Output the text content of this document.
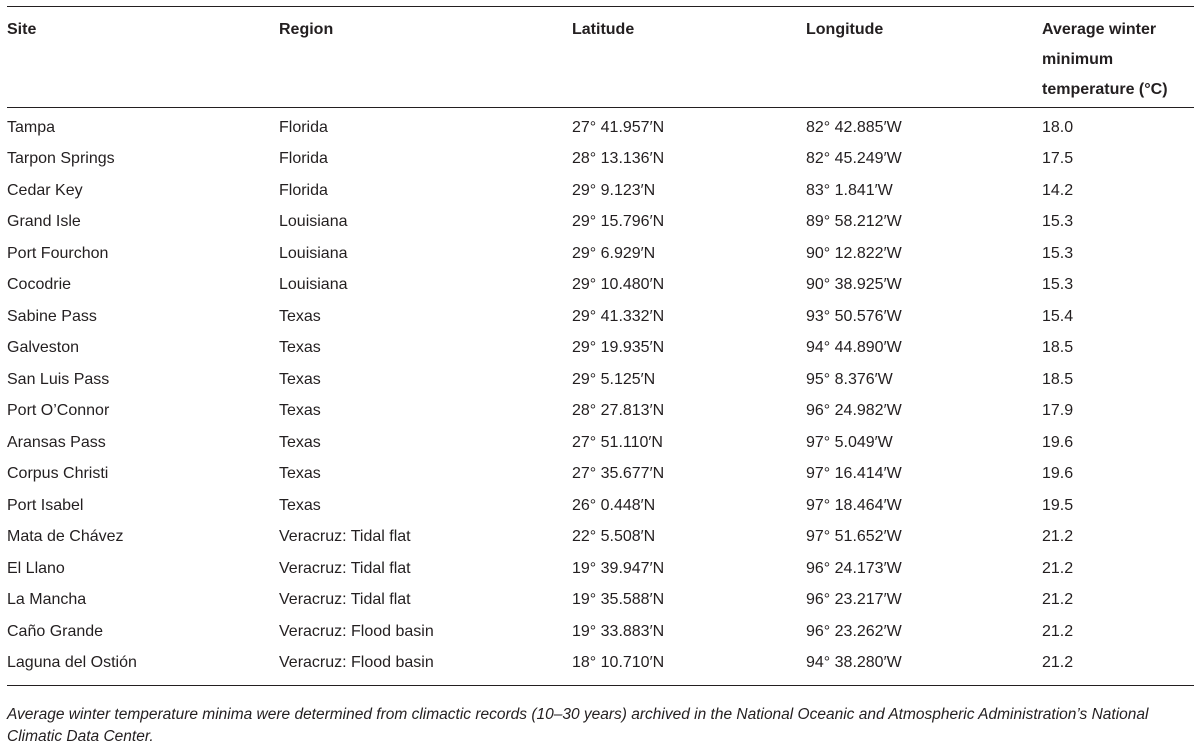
Site	Region	Latitude	Longitude	Average winter
minimum
temperature (°C)
Tampa	Florida	27° 41.957′N	82° 42.885′W	18.0
Tarpon Springs	Florida	28° 13.136′N	82° 45.249′W	17.5
Cedar Key	Florida	29° 9.123′N	83° 1.841′W	14.2
Grand Isle	Louisiana	29° 15.796′N	89° 58.212′W	15.3
Port Fourchon	Louisiana	29° 6.929′N	90° 12.822′W	15.3
Cocodrie	Louisiana	29° 10.480′N	90° 38.925′W	15.3
Sabine Pass	Texas	29° 41.332′N	93° 50.576′W	15.4
Galveston	Texas	29° 19.935′N	94° 44.890′W	18.5
San Luis Pass	Texas	29° 5.125′N	95° 8.376′W	18.5
Port O’Connor	Texas	28° 27.813′N	96° 24.982′W	17.9
Aransas Pass	Texas	27° 51.110′N	97° 5.049′W	19.6
Corpus Christi	Texas	27° 35.677′N	97° 16.414′W	19.6
Port Isabel	Texas	26° 0.448′N	97° 18.464′W	19.5
Mata de Chávez	Veracruz: Tidal flat	22° 5.508′N	97° 51.652′W	21.2
El Llano	Veracruz: Tidal flat	19° 39.947′N	96° 24.173′W	21.2
La Mancha	Veracruz: Tidal flat	19° 35.588′N	96° 23.217′W	21.2
Caño Grande	Veracruz: Flood basin	19° 33.883′N	96° 23.262′W	21.2
Laguna del Ostión	Veracruz: Flood basin	18° 10.710′N	94° 38.280′W	21.2

Average winter temperature minima were determined from climactic records (10–30 years) archived in the National Oceanic and Atmospheric Administration’s National Climatic Data Center.
